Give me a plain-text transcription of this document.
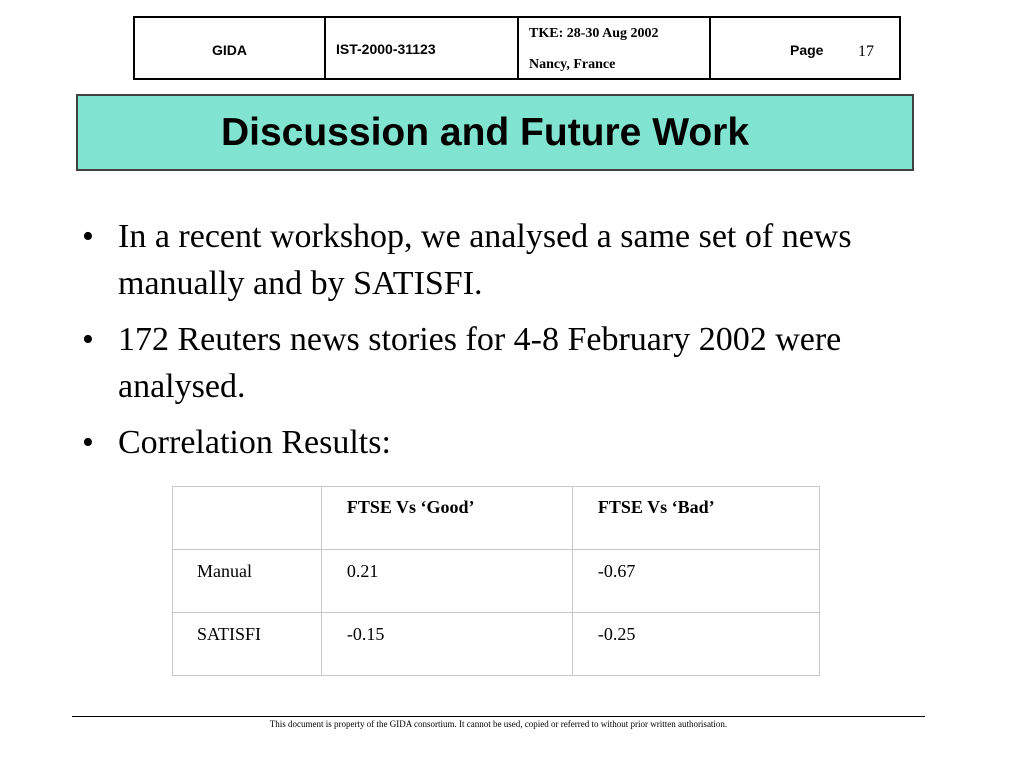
GIDA	IST-2000-31123
TKE: 28-30 Aug 2002
Nancy, France
Page 17
Discussion and Future Work
• In a recent workshop, we analysed a same set of news manually and by SATISFI.
• 172 Reuters news stories for 4-8 February 2002 were analysed.
• Correlation Results:
	FTSE Vs ‘Good’	FTSE Vs ‘Bad’
Manual	0.21	-0.67
SATISFI	-0.15	-0.25
This document is property of the GIDA consortium. It cannot be used, copied or referred to without prior written authorisation.
